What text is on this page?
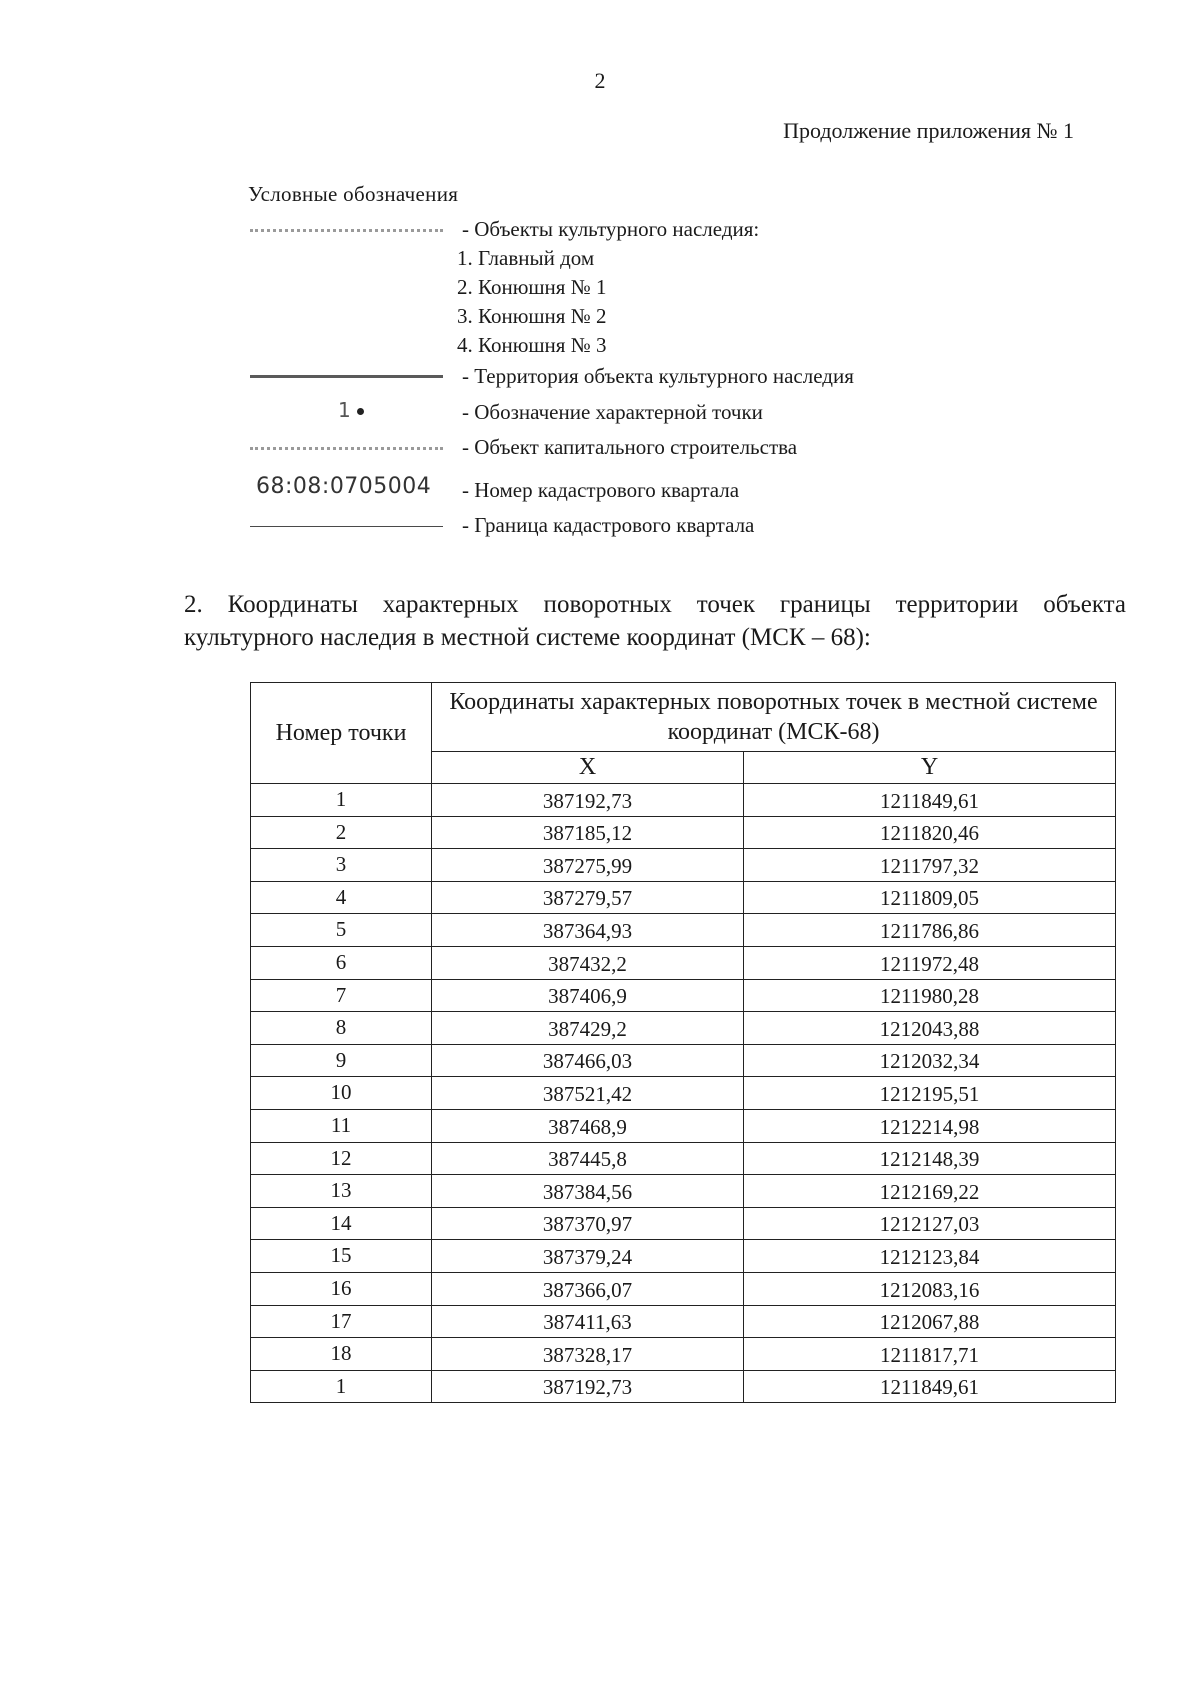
2
Продолжение приложения № 1
Условные обозначения
- Объекты культурного наследия:
1. Главный дом
2. Конюшня № 1
3. Конюшня № 2
4. Конюшня № 3
- Территория объекта культурного наследия
1	- Обозначение характерной точки
- Объект капитального строительства
68:08:0705004 - Номер кадастрового квартала
- Граница кадастрового квартала
2. Координаты характерных поворотных точек границы территории объекта культурного наследия в местной системе координат (МСК – 68):
Номер точки	Координаты характерных поворотных точек в местной системе координат (МСК-68)	
	X	Y
1	387192,73	1211849,61
2	387185,12	1211820,46
3	387275,99	1211797,32
4	387279,57	1211809,05
5	387364,93	1211786,86
6	387432,2	1211972,48
7	387406,9	1211980,28
8	387429,2	1212043,88
9	387466,03	1212032,34
10	387521,42	1212195,51
11	387468,9	1212214,98
12	387445,8	1212148,39
13	387384,56	1212169,22
14	387370,97	1212127,03
15	387379,24	1212123,84
16	387366,07	1212083,16
17	387411,63	1212067,88
18	387328,17	1211817,71
1	387192,73	1211849,61
